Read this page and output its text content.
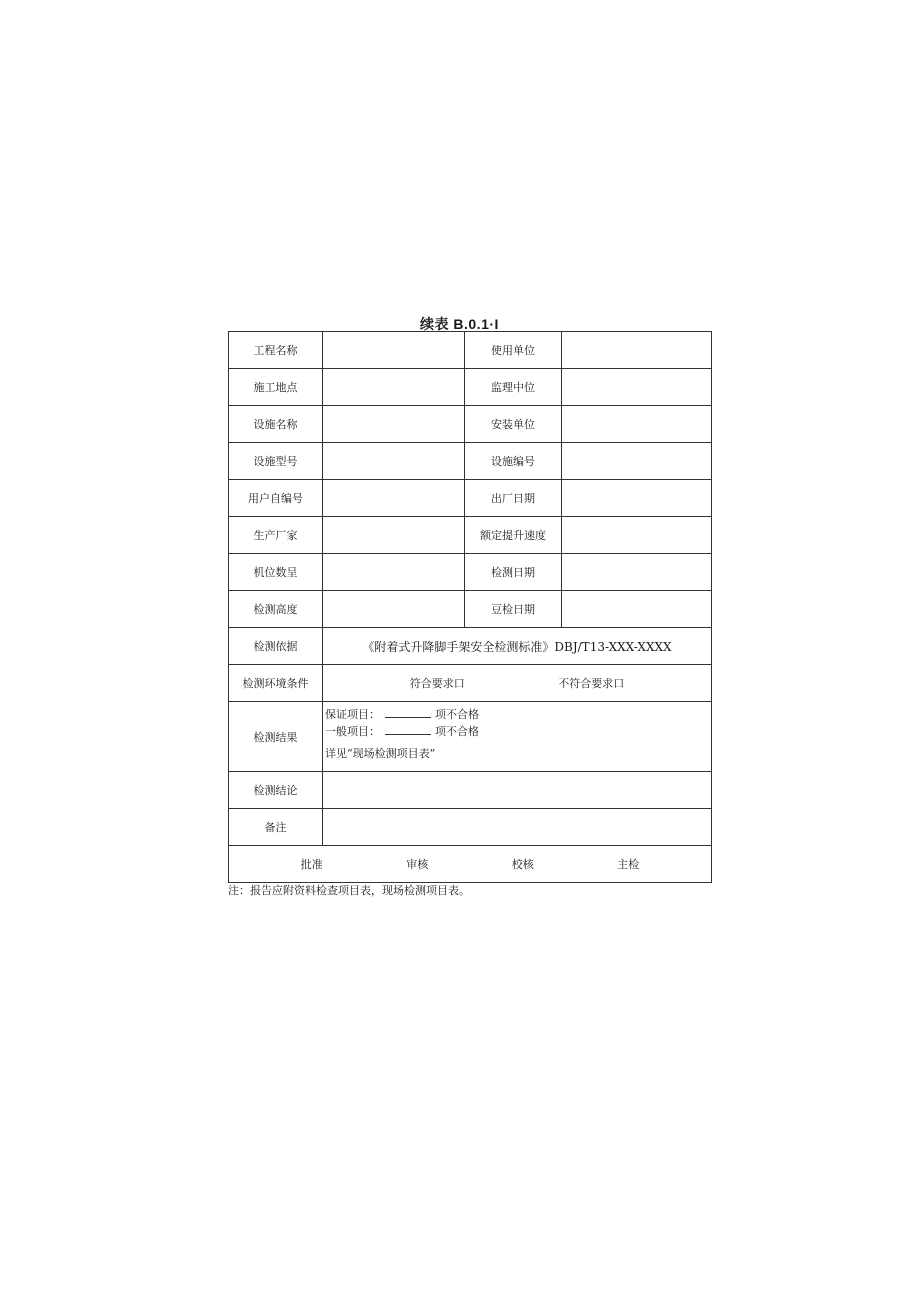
续表 B.0.1·I
工程名称		使用单位	
施工地点		监理中位	
设施名称		安装单位	
设施型号		设施编号	
用户自编号		出厂日期	
生产厂家		额定提升速度	
机位数呈		检测日期	
检测高度		豆检日期	
检测依据	《附着式升降脚手架安全检测标准》DBJ/T13-XXX-XXXX		
检测环境条件	符合要求口 不符合要求口		

检测结果	保证项目： 项不合格
一般项目： 项不合格
详见“现场检测项目表”		

检测结论			
备注			

批准 审核 校核 主检			
注：报告应附资料检查项目表，现场检测项目表。
